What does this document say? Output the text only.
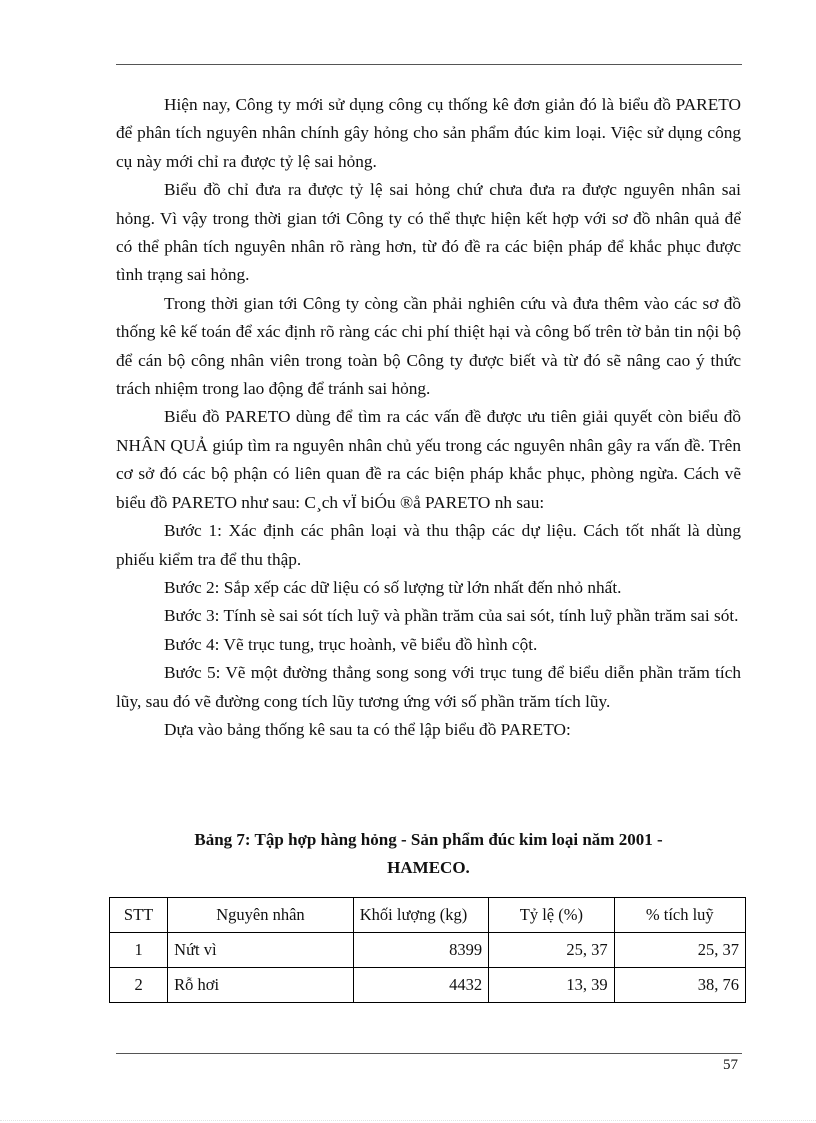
Hiện nay, Công ty mới sử dụng công cụ thống kê đơn giản đó là biểu đồ PARETO để phân tích nguyên nhân chính gây hỏng cho sản phẩm đúc kim loại. Việc sử dụng công cụ này mới chỉ ra được tỷ lệ sai hỏng.

Biểu đồ chỉ đưa ra được tỷ lệ sai hỏng chứ chưa đưa ra được nguyên nhân sai hỏng. Vì vậy trong thời gian tới Công ty có thể thực hiện kết hợp với sơ đồ nhân quả để có thể phân tích nguyên nhân rõ ràng hơn, từ đó đề ra các biện pháp để khắc phục được tình trạng sai hỏng.

Trong thời gian tới Công ty còng cần phải nghiên cứu và đưa thêm vào các sơ đồ thống kê kế toán để xác định rõ ràng các chi phí thiệt hại và công bố trên tờ bản tin nội bộ để cán bộ công nhân viên trong toàn bộ Công ty được biết và từ đó sẽ nâng cao ý thức trách nhiệm trong lao động để tránh sai hỏng.

Biểu đồ PARETO dùng để tìm ra các vấn đề được ưu tiên giải quyết còn biểu đồ NHÂN QUẢ giúp tìm ra nguyên nhân chủ yếu trong các nguyên nhân gây ra vấn đề. Trên cơ sở đó các bộ phận có liên quan đề ra các biện pháp khắc phục, phòng ngừa. Cách vẽ biểu đồ PARETO như sau: C¸ch vÏ biÓu ®å PARETO nh sau:

Bước 1: Xác định các phân loại và thu thập các dự liệu. Cách tốt nhất là dùng phiếu kiểm tra để thu thập.

Bước 2: Sắp xếp các dữ liệu có số lượng từ lớn nhất đến nhỏ nhất.

Bước 3: Tính sè sai sót tích luỹ và phần trăm của sai sót, tính luỹ phần trăm sai sót.

Bước 4: Vẽ trục tung, trục hoành, vẽ biểu đồ hình cột.

Bước 5: Vẽ một đường thẳng song song với trục tung để biểu diễn phần trăm tích lũy, sau đó vẽ đường cong tích lũy tương ứng với số phần trăm tích lũy.

Dựa vào bảng thống kê sau ta có thể lập biểu đồ PARETO:

Bảng 7: Tập hợp hàng hỏng - Sản phẩm đúc kim loại năm 2001 -
HAMECO.
STT	Nguyên nhân	Khối lượng (kg)	Tỷ lệ (%)	% tích luỹ
1	Nứt vì	8399	25, 37	25, 37
2	Rỗ hơi	4432	13, 39	38, 76
57
